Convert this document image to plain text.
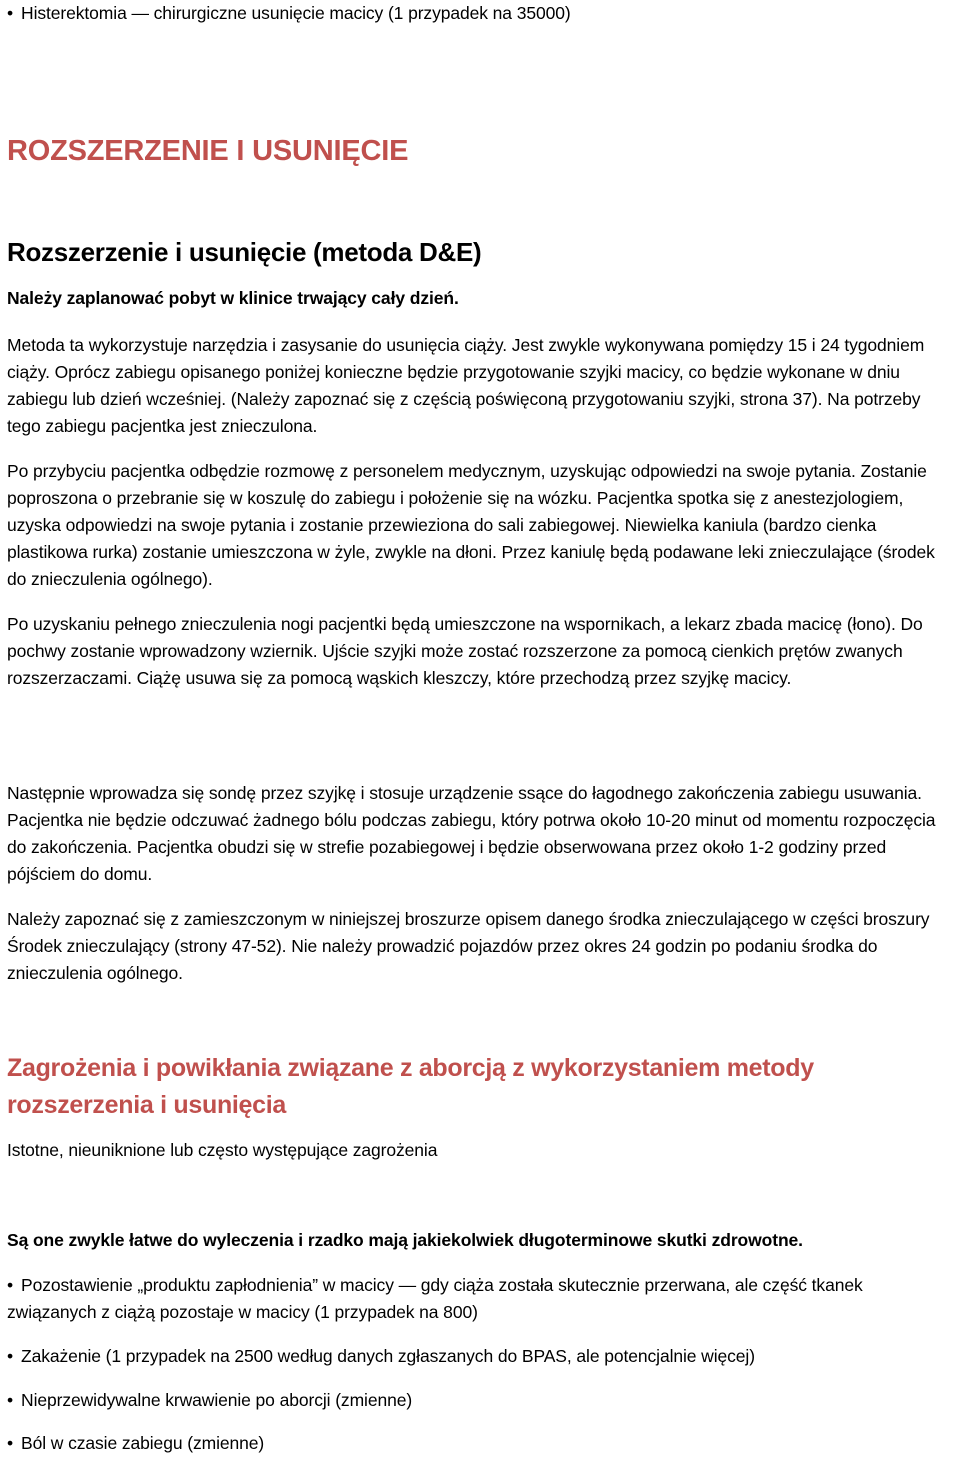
• Histerektomia — chirurgiczne usunięcie macicy (1 przypadek na 35000)

ROZSZERZENIE I USUNIĘCIE
Rozszerzenie i usunięcie (metoda D&E)

Należy zaplanować pobyt w klinice trwający cały dzień.

Metoda ta wykorzystuje narzędzia i zasysanie do usunięcia ciąży. Jest zwykle wykonywana pomiędzy 15 i 24 tygodniem ciąży. Oprócz zabiegu opisanego poniżej konieczne będzie przygotowanie szyjki macicy, co będzie wykonane w dniu zabiegu lub dzień wcześniej. (Należy zapoznać się z częścią poświęconą przygotowaniu szyjki, strona 37). Na potrzeby tego zabiegu pacjentka jest znieczulona.

Po przybyciu pacjentka odbędzie rozmowę z personelem medycznym, uzyskując odpowiedzi na swoje pytania. Zostanie poproszona o przebranie się w koszulę do zabiegu i położenie się na wózku. Pacjentka spotka się z anestezjologiem, uzyska odpowiedzi na swoje pytania i zostanie przewieziona do sali zabiegowej. Niewielka kaniula (bardzo cienka plastikowa rurka) zostanie umieszczona w żyle, zwykle na dłoni. Przez kaniulę będą podawane leki znieczulające (środek do znieczulenia ogólnego).

Po uzyskaniu pełnego znieczulenia nogi pacjentki będą umieszczone na wspornikach, a lekarz zbada macicę (łono). Do pochwy zostanie wprowadzony wziernik. Ujście szyjki może zostać rozszerzone za pomocą cienkich prętów zwanych rozszerzaczami. Ciążę usuwa się za pomocą wąskich kleszczy, które przechodzą przez szyjkę macicy.

Następnie wprowadza się sondę przez szyjkę i stosuje urządzenie ssące do łagodnego zakończenia zabiegu usuwania. Pacjentka nie będzie odczuwać żadnego bólu podczas zabiegu, który potrwa około 10-20 minut od momentu rozpoczęcia do zakończenia. Pacjentka obudzi się w strefie pozabiegowej i będzie obserwowana przez około 1-2 godziny przed pójściem do domu.

Należy zapoznać się z zamieszczonym w niniejszej broszurze opisem danego środka znieczulającego w części broszury Środek znieczulający (strony 47-52). Nie należy prowadzić pojazdów przez okres 24 godzin po podaniu środka do znieczulenia ogólnego.

Zagrożenia i powikłania związane z aborcją z wykorzystaniem metody rozszerzenia i usunięcia

Istotne, nieuniknione lub często występujące zagrożenia

Są one zwykle łatwe do wyleczenia i rzadko mają jakiekolwiek długoterminowe skutki zdrowotne.

• Pozostawienie „produktu zapłodnienia” w macicy — gdy ciąża została skutecznie przerwana, ale część tkanek związanych z ciążą pozostaje w macicy (1 przypadek na 800)

• Zakażenie (1 przypadek na 2500 według danych zgłaszanych do BPAS, ale potencjalnie więcej)

• Nieprzewidywalne krwawienie po aborcji (zmienne)

• Ból w czasie zabiegu (zmienne)
